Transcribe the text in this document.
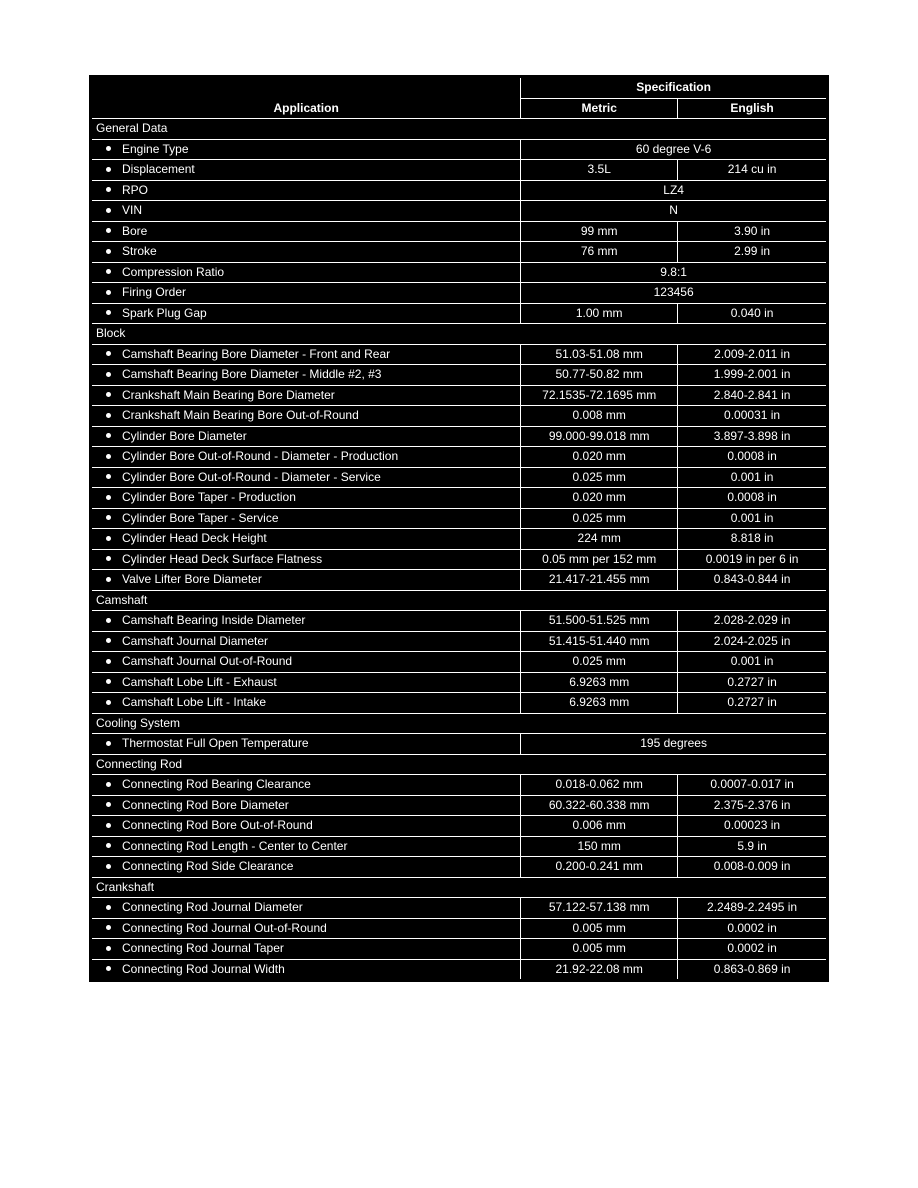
Application	Specification	
	Metric	English
General Data		
Engine Type	60 degree V-6	
Displacement	3.5L	214 cu in
RPO	LZ4	
VIN	N	
Bore	99 mm	3.90 in
Stroke	76 mm	2.99 in
Compression Ratio	9.8:1	
Firing Order	123456	
Spark Plug Gap	1.00 mm	0.040 in
Block		
Camshaft Bearing Bore Diameter - Front and Rear	51.03-51.08 mm	2.009-2.011 in
Camshaft Bearing Bore Diameter - Middle #2, #3	50.77-50.82 mm	1.999-2.001 in
Crankshaft Main Bearing Bore Diameter	72.1535-72.1695 mm	2.840-2.841 in
Crankshaft Main Bearing Bore Out-of-Round	0.008 mm	0.00031 in
Cylinder Bore Diameter	99.000-99.018 mm	3.897-3.898 in
Cylinder Bore Out-of-Round - Diameter - Production	0.020 mm	0.0008 in
Cylinder Bore Out-of-Round - Diameter - Service	0.025 mm	0.001 in
Cylinder Bore Taper - Production	0.020 mm	0.0008 in
Cylinder Bore Taper - Service	0.025 mm	0.001 in
Cylinder Head Deck Height	224 mm	8.818 in
Cylinder Head Deck Surface Flatness	0.05 mm per 152 mm	0.0019 in per 6 in
Valve Lifter Bore Diameter	21.417-21.455 mm	0.843-0.844 in
Camshaft		
Camshaft Bearing Inside Diameter	51.500-51.525 mm	2.028-2.029 in
Camshaft Journal Diameter	51.415-51.440 mm	2.024-2.025 in
Camshaft Journal Out-of-Round	0.025 mm	0.001 in
Camshaft Lobe Lift - Exhaust	6.9263 mm	0.2727 in
Camshaft Lobe Lift - Intake	6.9263 mm	0.2727 in
Cooling System		
Thermostat Full Open Temperature	195 degrees	
Connecting Rod		
Connecting Rod Bearing Clearance	0.018-0.062 mm	0.0007-0.017 in
Connecting Rod Bore Diameter	60.322-60.338 mm	2.375-2.376 in
Connecting Rod Bore Out-of-Round	0.006 mm	0.00023 in
Connecting Rod Length - Center to Center	150 mm	5.9 in
Connecting Rod Side Clearance	0.200-0.241 mm	0.008-0.009 in
Crankshaft		
Connecting Rod Journal Diameter	57.122-57.138 mm	2.2489-2.2495 in
Connecting Rod Journal Out-of-Round	0.005 mm	0.0002 in
Connecting Rod Journal Taper	0.005 mm	0.0002 in
Connecting Rod Journal Width	21.92-22.08 mm	0.863-0.869 in
